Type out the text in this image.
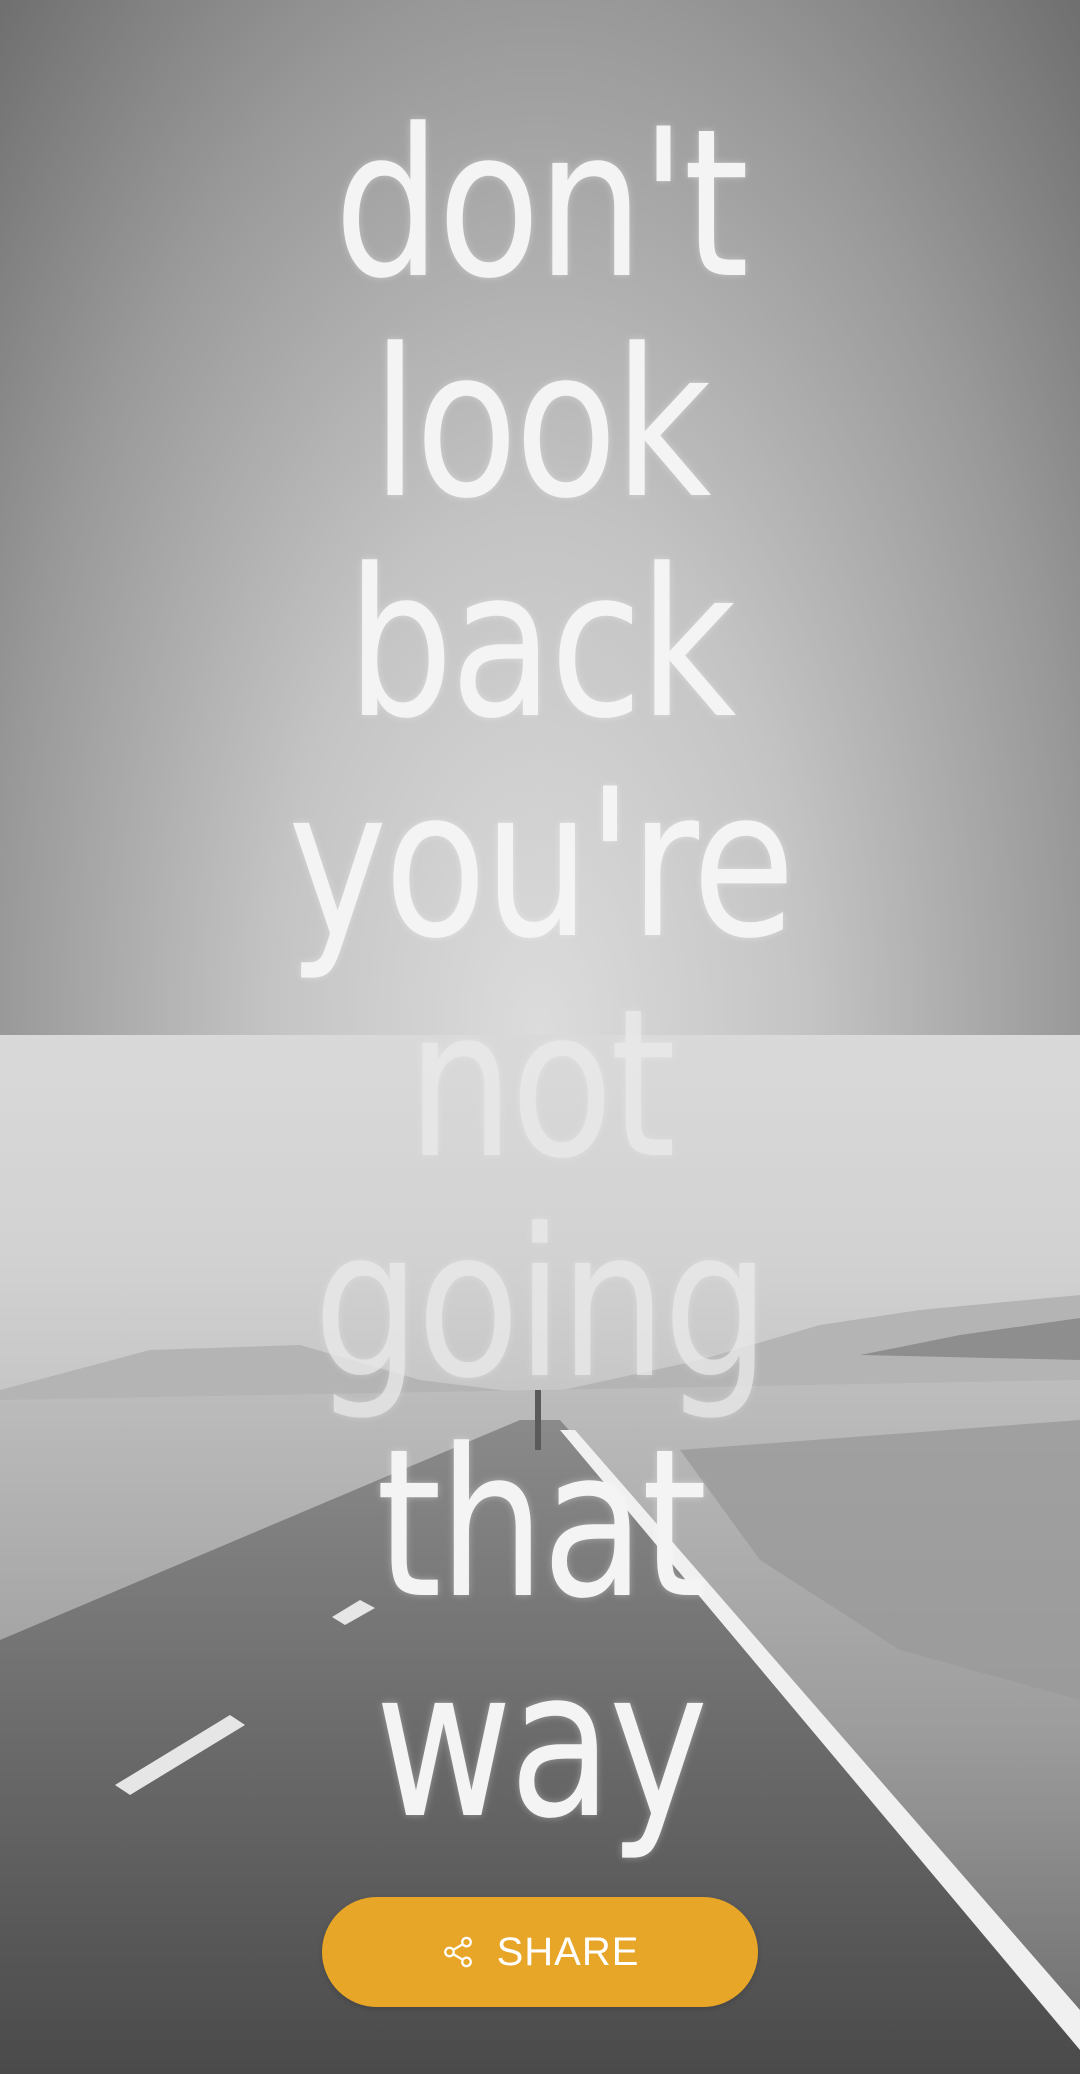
don't
look
back
you're
not
going
that
way
SHARE
